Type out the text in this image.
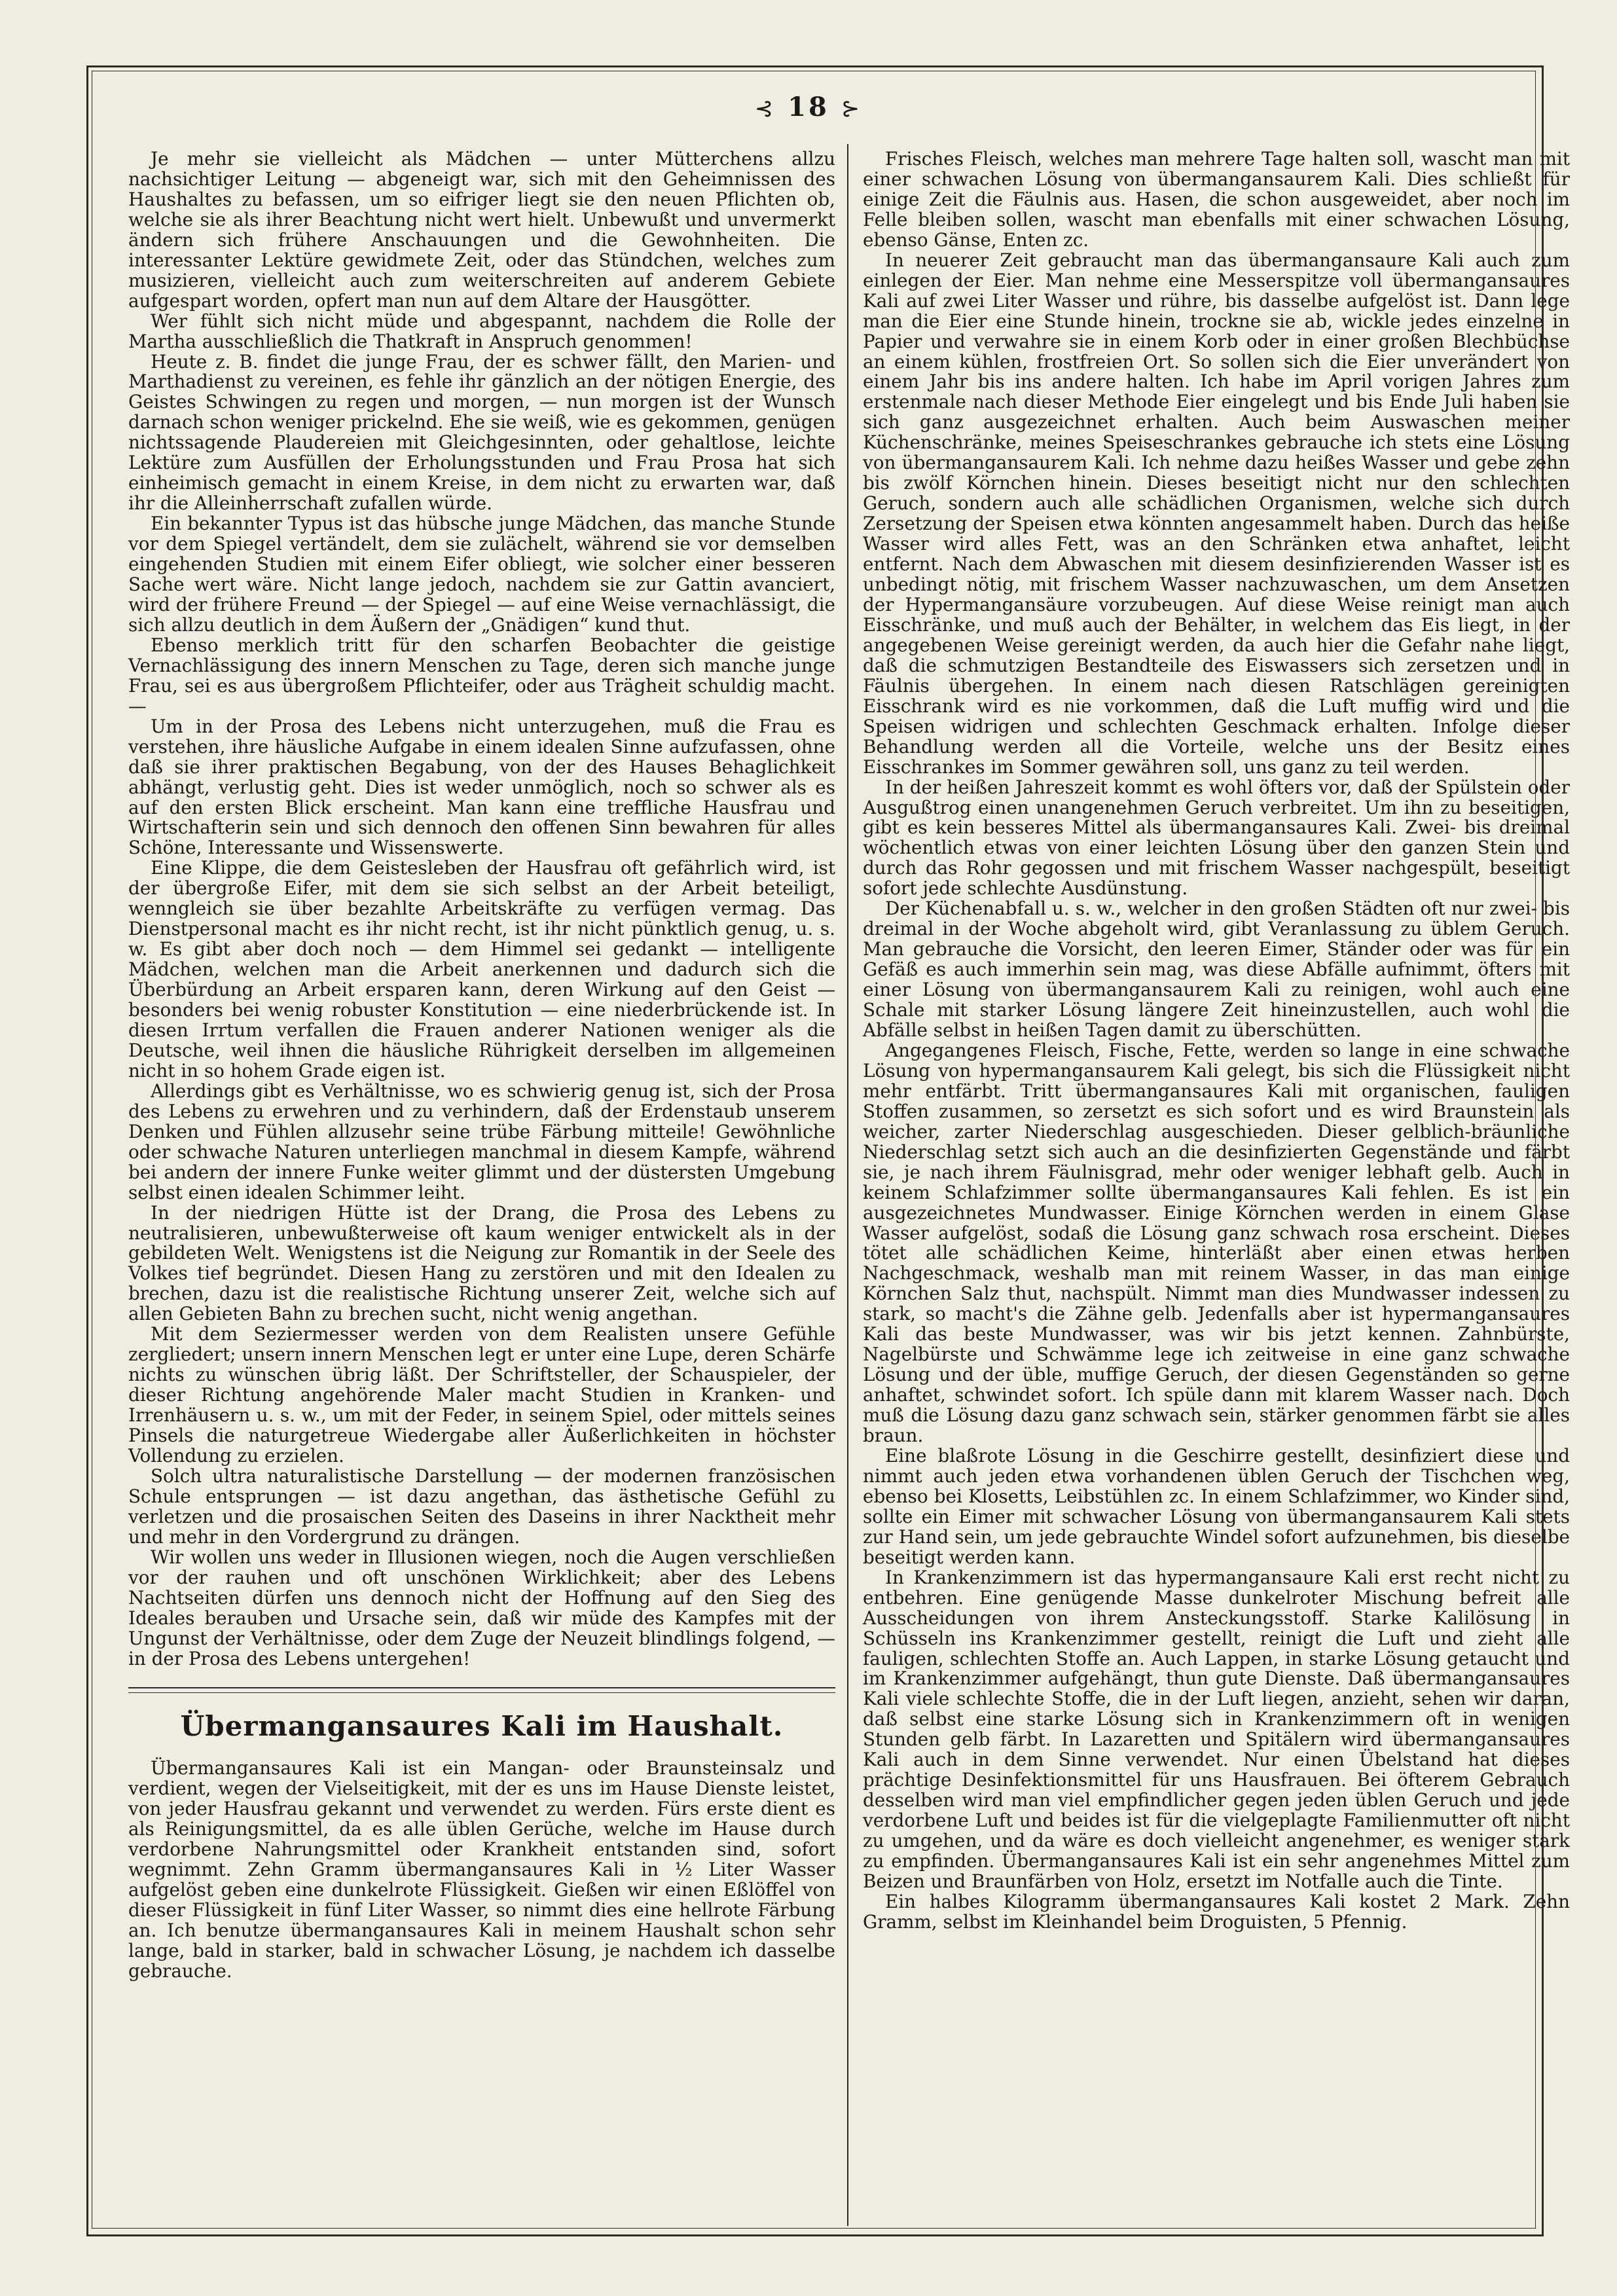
⊰ 18 ⊱

Je mehr sie vielleicht als Mädchen — unter Mütterchens allzu nachsichtiger Leitung — abgeneigt war, sich mit den Geheimnissen des Haushaltes zu befassen, um so eifriger liegt sie den neuen Pflichten ob, welche sie als ihrer Beachtung nicht wert hielt. Unbewußt und unvermerkt ändern sich frühere Anschauungen und die Gewohnheiten. Die interessanter Lektüre gewidmete Zeit, oder das Stündchen, welches zum musizieren, vielleicht auch zum weiterschreiten auf anderem Gebiete aufgespart worden, opfert man nun auf dem Altare der Hausgötter.

Wer fühlt sich nicht müde und abgespannt, nachdem die Rolle der Martha ausschließlich die Thatkraft in Anspruch genommen!

Heute z. B. findet die junge Frau, der es schwer fällt, den Marien- und Marthadienst zu vereinen, es fehle ihr gänzlich an der nötigen Energie, des Geistes Schwingen zu regen und morgen, — nun morgen ist der Wunsch darnach schon weniger prickelnd. Ehe sie weiß, wie es gekommen, genügen nichtssagende Plaudereien mit Gleichgesinnten, oder gehaltlose, leichte Lektüre zum Ausfüllen der Erholungsstunden und Frau Prosa hat sich einheimisch gemacht in einem Kreise, in dem nicht zu erwarten war, daß ihr die Alleinherrschaft zufallen würde.

Ein bekannter Typus ist das hübsche junge Mädchen, das manche Stunde vor dem Spiegel vertändelt, dem sie zulächelt, während sie vor demselben eingehenden Studien mit einem Eifer obliegt, wie solcher einer besseren Sache wert wäre. Nicht lange jedoch, nachdem sie zur Gattin avanciert, wird der frühere Freund — der Spiegel — auf eine Weise vernachlässigt, die sich allzu deutlich in dem Äußern der „Gnädigen“ kund thut.

Ebenso merklich tritt für den scharfen Beobachter die geistige Vernachlässigung des innern Menschen zu Tage, deren sich manche junge Frau, sei es aus übergroßem Pflichteifer, oder aus Trägheit schuldig macht. —

Um in der Prosa des Lebens nicht unterzugehen, muß die Frau es verstehen, ihre häusliche Aufgabe in einem idealen Sinne aufzufassen, ohne daß sie ihrer praktischen Begabung, von der des Hauses Behaglichkeit abhängt, verlustig geht. Dies ist weder unmöglich, noch so schwer als es auf den ersten Blick erscheint. Man kann eine treffliche Hausfrau und Wirtschafterin sein und sich dennoch den offenen Sinn bewahren für alles Schöne, Interessante und Wissenswerte.

Eine Klippe, die dem Geistesleben der Hausfrau oft gefährlich wird, ist der übergroße Eifer, mit dem sie sich selbst an der Arbeit beteiligt, wenngleich sie über bezahlte Arbeitskräfte zu verfügen vermag. Das Dienstpersonal macht es ihr nicht recht, ist ihr nicht pünktlich genug, u. s. w. Es gibt aber doch noch — dem Himmel sei gedankt — intelligente Mädchen, welchen man die Arbeit anerkennen und dadurch sich die Überbürdung an Arbeit ersparen kann, deren Wirkung auf den Geist — besonders bei wenig robuster Konstitution — eine niederbrückende ist. In diesen Irrtum verfallen die Frauen anderer Nationen weniger als die Deutsche, weil ihnen die häusliche Rührigkeit derselben im allgemeinen nicht in so hohem Grade eigen ist.

Allerdings gibt es Verhältnisse, wo es schwierig genug ist, sich der Prosa des Lebens zu erwehren und zu verhindern, daß der Erdenstaub unserem Denken und Fühlen allzusehr seine trübe Färbung mitteile! Gewöhnliche oder schwache Naturen unterliegen manchmal in diesem Kampfe, während bei andern der innere Funke weiter glimmt und der düstersten Umgebung selbst einen idealen Schimmer leiht.

In der niedrigen Hütte ist der Drang, die Prosa des Lebens zu neutralisieren, unbewußterweise oft kaum weniger entwickelt als in der gebildeten Welt. Wenigstens ist die Neigung zur Romantik in der Seele des Volkes tief begründet. Diesen Hang zu zerstören und mit den Idealen zu brechen, dazu ist die realistische Richtung unserer Zeit, welche sich auf allen Gebieten Bahn zu brechen sucht, nicht wenig angethan.

Mit dem Seziermesser werden von dem Realisten unsere Gefühle zergliedert; unsern innern Menschen legt er unter eine Lupe, deren Schärfe nichts zu wünschen übrig läßt. Der Schriftsteller, der Schauspieler, der dieser Richtung angehörende Maler macht Studien in Kranken- und Irrenhäusern u. s. w., um mit der Feder, in seinem Spiel, oder mittels seines Pinsels die naturgetreue Wiedergabe aller Äußerlichkeiten in höchster Vollendung zu erzielen.

Solch ultra naturalistische Darstellung — der modernen französischen Schule entsprungen — ist dazu angethan, das ästhetische Gefühl zu verletzen und die prosaischen Seiten des Daseins in ihrer Nacktheit mehr und mehr in den Vordergrund zu drängen.

Wir wollen uns weder in Illusionen wiegen, noch die Augen verschließen vor der rauhen und oft unschönen Wirklichkeit; aber des Lebens Nachtseiten dürfen uns dennoch nicht der Hoffnung auf den Sieg des Ideales berauben und Ursache sein, daß wir müde des Kampfes mit der Ungunst der Verhältnisse, oder dem Zuge der Neuzeit blindlings folgend, — in der Prosa des Lebens untergehen!

Übermangansaures Kali im Haushalt.

Übermangansaures Kali ist ein Mangan- oder Braunsteinsalz und verdient, wegen der Vielseitigkeit, mit der es uns im Hause Dienste leistet, von jeder Hausfrau gekannt und verwendet zu werden. Fürs erste dient es als Reinigungsmittel, da es alle üblen Gerüche, welche im Hause durch verdorbene Nahrungsmittel oder Krankheit entstanden sind, sofort wegnimmt. Zehn Gramm übermangansaures Kali in ½ Liter Wasser aufgelöst geben eine dunkelrote Flüssigkeit. Gießen wir einen Eßlöffel von dieser Flüssigkeit in fünf Liter Wasser, so nimmt dies eine hellrote Färbung an. Ich benutze übermangansaures Kali in meinem Haushalt schon sehr lange, bald in starker, bald in schwacher Lösung, je nachdem ich dasselbe gebrauche.

Frisches Fleisch, welches man mehrere Tage halten soll, wascht man mit einer schwachen Lösung von übermangansaurem Kali. Dies schließt für einige Zeit die Fäulnis aus. Hasen, die schon ausgeweidet, aber noch im Felle bleiben sollen, wascht man ebenfalls mit einer schwachen Lösung, ebenso Gänse, Enten zc.

In neuerer Zeit gebraucht man das übermangansaure Kali auch zum einlegen der Eier. Man nehme eine Messerspitze voll übermangansaures Kali auf zwei Liter Wasser und rühre, bis dasselbe aufgelöst ist. Dann lege man die Eier eine Stunde hinein, trockne sie ab, wickle jedes einzelne in Papier und verwahre sie in einem Korb oder in einer großen Blechbüchse an einem kühlen, frostfreien Ort. So sollen sich die Eier unverändert von einem Jahr bis ins andere halten. Ich habe im April vorigen Jahres zum erstenmale nach dieser Methode Eier eingelegt und bis Ende Juli haben sie sich ganz ausgezeichnet erhalten. Auch beim Auswaschen meiner Küchenschränke, meines Speiseschrankes gebrauche ich stets eine Lösung von übermangansaurem Kali. Ich nehme dazu heißes Wasser und gebe zehn bis zwölf Körnchen hinein. Dieses beseitigt nicht nur den schlechten Geruch, sondern auch alle schädlichen Organismen, welche sich durch Zersetzung der Speisen etwa könnten angesammelt haben. Durch das heiße Wasser wird alles Fett, was an den Schränken etwa anhaftet, leicht entfernt. Nach dem Abwaschen mit diesem desinfizierenden Wasser ist es unbedingt nötig, mit frischem Wasser nachzuwaschen, um dem Ansetzen der Hypermangansäure vorzubeugen. Auf diese Weise reinigt man auch Eisschränke, und muß auch der Behälter, in welchem das Eis liegt, in der angegebenen Weise gereinigt werden, da auch hier die Gefahr nahe liegt, daß die schmutzigen Bestandteile des Eiswassers sich zersetzen und in Fäulnis übergehen. In einem nach diesen Ratschlägen gereinigten Eisschrank wird es nie vorkommen, daß die Luft muffig wird und die Speisen widrigen und schlechten Geschmack erhalten. Infolge dieser Behandlung werden all die Vorteile, welche uns der Besitz eines Eisschrankes im Sommer gewähren soll, uns ganz zu teil werden.

In der heißen Jahreszeit kommt es wohl öfters vor, daß der Spülstein oder Ausgußtrog einen unangenehmen Geruch verbreitet. Um ihn zu beseitigen, gibt es kein besseres Mittel als übermangansaures Kali. Zwei- bis dreimal wöchentlich etwas von einer leichten Lösung über den ganzen Stein und durch das Rohr gegossen und mit frischem Wasser nachgespült, beseitigt sofort jede schlechte Ausdünstung.

Der Küchenabfall u. s. w., welcher in den großen Städten oft nur zwei- bis dreimal in der Woche abgeholt wird, gibt Veranlassung zu üblem Geruch. Man gebrauche die Vorsicht, den leeren Eimer, Ständer oder was für ein Gefäß es auch immerhin sein mag, was diese Abfälle aufnimmt, öfters mit einer Lösung von übermangansaurem Kali zu reinigen, wohl auch eine Schale mit starker Lösung längere Zeit hineinzustellen, auch wohl die Abfälle selbst in heißen Tagen damit zu überschütten.

Angegangenes Fleisch, Fische, Fette, werden so lange in eine schwache Lösung von hypermangansaurem Kali gelegt, bis sich die Flüssigkeit nicht mehr entfärbt. Tritt übermangansaures Kali mit organischen, fauligen Stoffen zusammen, so zersetzt es sich sofort und es wird Braunstein als weicher, zarter Niederschlag ausgeschieden. Dieser gelblich-bräunliche Niederschlag setzt sich auch an die desinfizierten Gegenstände und färbt sie, je nach ihrem Fäulnisgrad, mehr oder weniger lebhaft gelb. Auch in keinem Schlafzimmer sollte übermangansaures Kali fehlen. Es ist ein ausgezeichnetes Mundwasser. Einige Körnchen werden in einem Glase Wasser aufgelöst, sodaß die Lösung ganz schwach rosa erscheint. Dieses tötet alle schädlichen Keime, hinterläßt aber einen etwas herben Nachgeschmack, weshalb man mit reinem Wasser, in das man einige Körnchen Salz thut, nachspült. Nimmt man dies Mundwasser indessen zu stark, so macht's die Zähne gelb. Jedenfalls aber ist hypermangansaures Kali das beste Mundwasser, was wir bis jetzt kennen. Zahnbürste, Nagelbürste und Schwämme lege ich zeitweise in eine ganz schwache Lösung und der üble, muffige Geruch, der diesen Gegenständen so gerne anhaftet, schwindet sofort. Ich spüle dann mit klarem Wasser nach. Doch muß die Lösung dazu ganz schwach sein, stärker genommen färbt sie alles braun.

Eine blaßrote Lösung in die Geschirre gestellt, desinfiziert diese und nimmt auch jeden etwa vorhandenen üblen Geruch der Tischchen weg, ebenso bei Klosetts, Leibstühlen zc. In einem Schlafzimmer, wo Kinder sind, sollte ein Eimer mit schwacher Lösung von übermangansaurem Kali stets zur Hand sein, um jede gebrauchte Windel sofort aufzunehmen, bis dieselbe beseitigt werden kann.

In Krankenzimmern ist das hypermangansaure Kali erst recht nicht zu entbehren. Eine genügende Masse dunkelroter Mischung befreit alle Ausscheidungen von ihrem Ansteckungsstoff. Starke Kalilösung in Schüsseln ins Krankenzimmer gestellt, reinigt die Luft und zieht alle fauligen, schlechten Stoffe an. Auch Lappen, in starke Lösung getaucht und im Krankenzimmer aufgehängt, thun gute Dienste. Daß übermangansaures Kali viele schlechte Stoffe, die in der Luft liegen, anzieht, sehen wir daran, daß selbst eine starke Lösung sich in Krankenzimmern oft in wenigen Stunden gelb färbt. In Lazaretten und Spitälern wird übermangansaures Kali auch in dem Sinne verwendet. Nur einen Übelstand hat dieses prächtige Desinfektionsmittel für uns Hausfrauen. Bei öfterem Gebrauch desselben wird man viel empfindlicher gegen jeden üblen Geruch und jede verdorbene Luft und beides ist für die vielgeplagte Familienmutter oft nicht zu umgehen, und da wäre es doch vielleicht angenehmer, es weniger stark zu empfinden. Übermangansaures Kali ist ein sehr angenehmes Mittel zum Beizen und Braunfärben von Holz, ersetzt im Notfalle auch die Tinte.

Ein halbes Kilogramm übermangansaures Kali kostet 2 Mark. Zehn Gramm, selbst im Kleinhandel beim Droguisten, 5 Pfennig.
